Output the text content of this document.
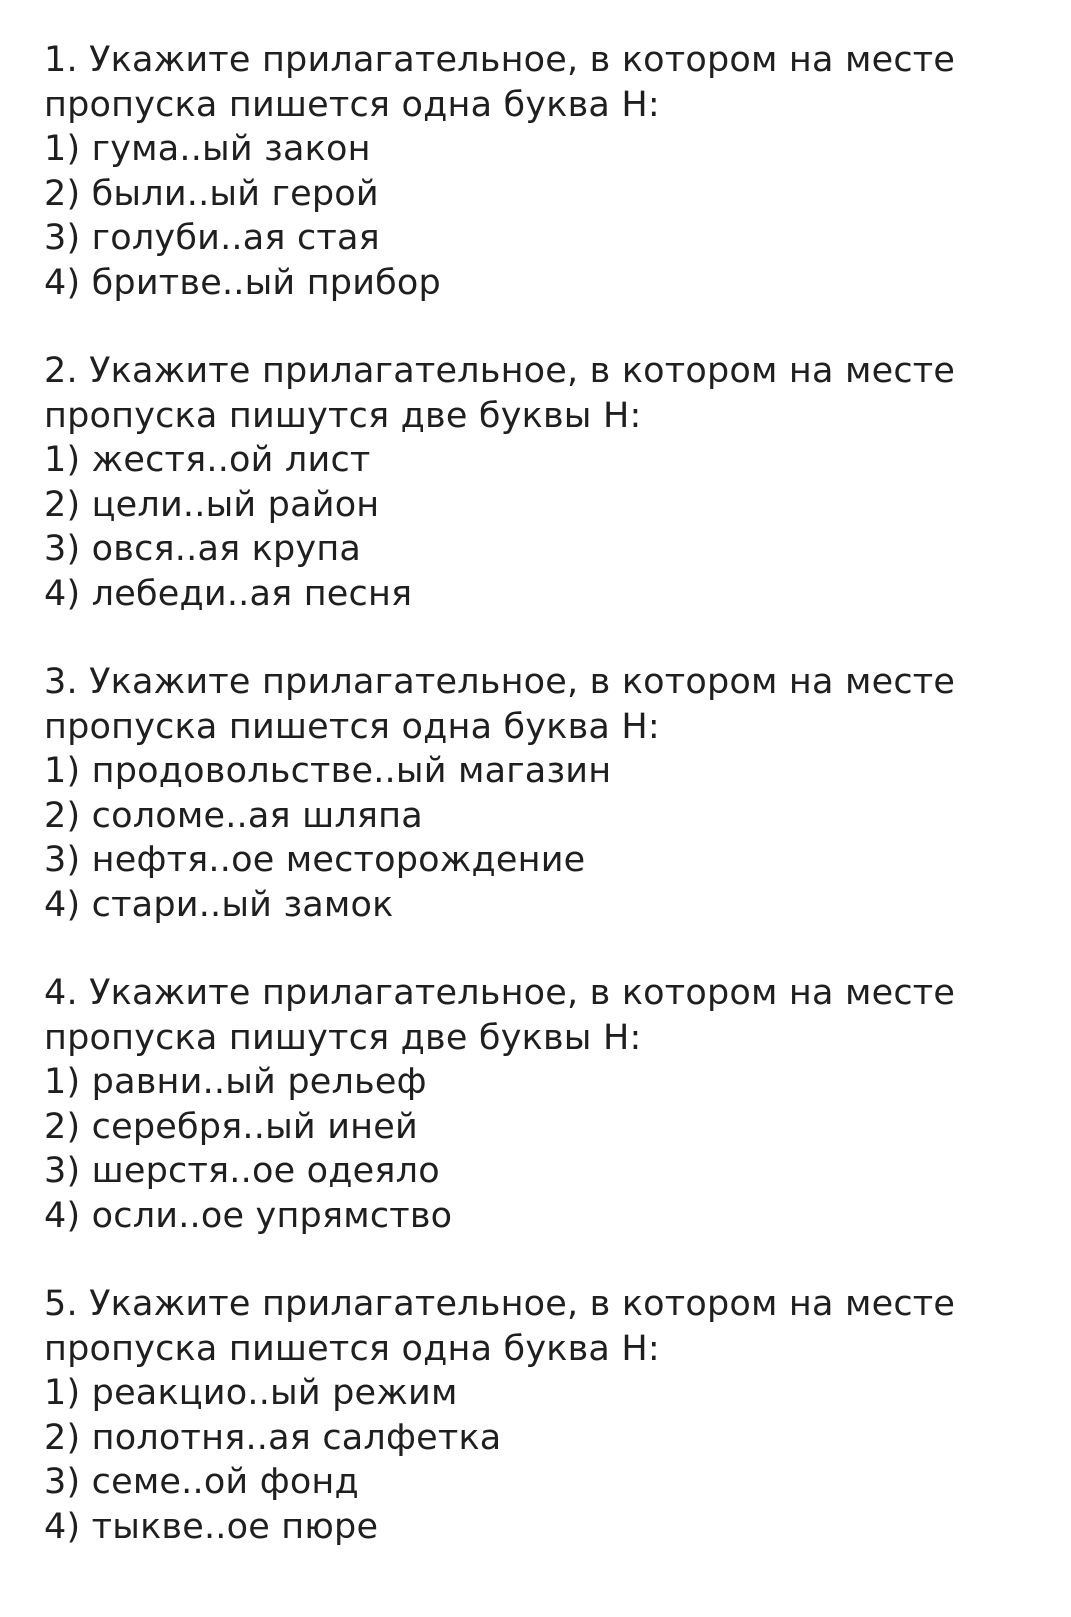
1. Укажите прилагательное, в котором на месте
пропуска пишется одна буква Н:
1) гума..ый закон
2) были..ый герой
3) голуби..ая стая
4) бритве..ый прибор
2. Укажите прилагательное, в котором на месте
пропуска пишутся две буквы Н:
1) жестя..ой лист
2) цели..ый район
3) овся..ая крупа
4) лебеди..ая песня
3. Укажите прилагательное, в котором на месте
пропуска пишется одна буква Н:
1) продовольстве..ый магазин
2) соломе..ая шляпа
3) нефтя..ое месторождение
4) стари..ый замок
4. Укажите прилагательное, в котором на месте
пропуска пишутся две буквы Н:
1) равни..ый рельеф
2) серебря..ый иней
3) шерстя..ое одеяло
4) осли..ое упрямство
5. Укажите прилагательное, в котором на месте
пропуска пишется одна буква Н:
1) реакцио..ый режим
2) полотня..ая салфетка
3) семе..ой фонд
4) тыкве..ое пюре
